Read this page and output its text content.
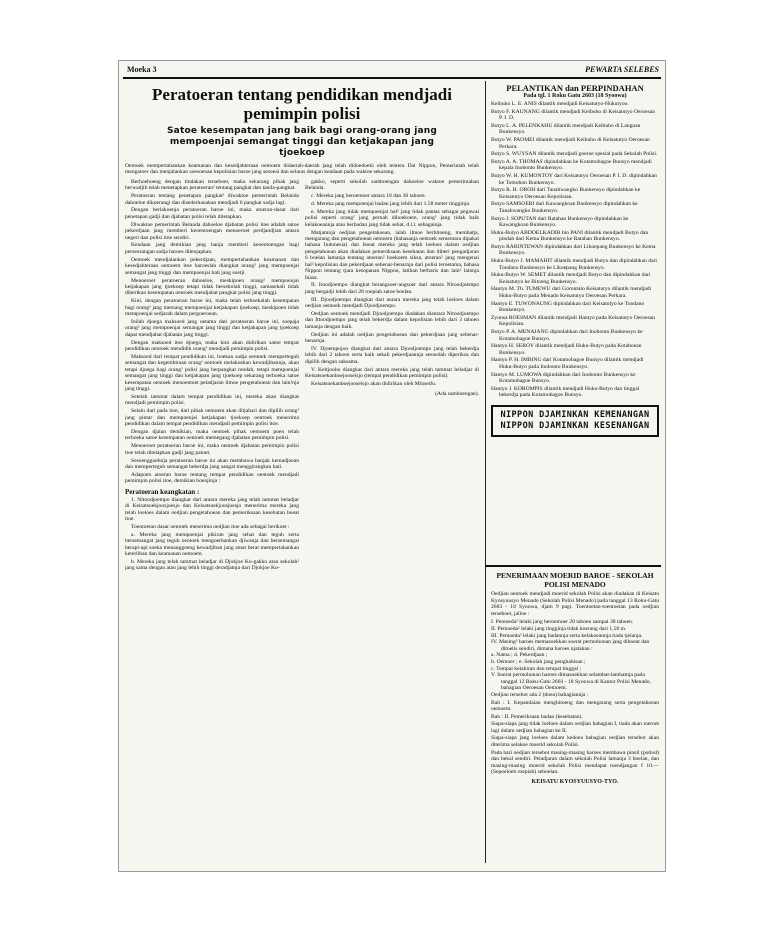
Moeka 3	PEWARTA SELEBES
Peratoeran tentang pendidikan mendjadi pemimpin polisi
Satoe kesempatan jang baik bagi orang-orang jang mempoenjai semangat tinggi dan ketjakapan jang tjoekoep

Oentoek mempertahankan keamanan dan kesedjahteraan oemoem didaerah-daerah jang telah didoedoeki oleh tentera Dai Nippon, Pemerintah telah mengatoer dan menjalankan soesoenan kepolisian baroe jang sesoeai dan selaras dengan keadaan pada waktoe sekarang.

Berhoeboeng dengan tindakan terseboet, maka sekarang pihak jang berwadjib telah menetapkan peratoeran² tentang pangkat dan tanda-pangkat.

Peratoeran tentang penetapan pangkat² diwaktoe pemerintah Belanda dahoeloe dikoerangi dan disederhanakan mendjadi 6 pangkat sadja lagi.

Dengan berlakoenja peratoeran baroe ini, maka atoeran-dasar dari penetapan gadji dan djabatan polisi telah ditetapkan.

Diwaktoe pemerintah Belanda dahoeloe djabatan polisi itoe adalah satoe pekerdjaan jang memberi keoentoengan menoeroet perdjandjian antara negeri dan polisi itoe sendiri.

Keadaan jang demikian jang hanja memberi keoentoengan bagi perseorangan sadja haroes dilenjapkan.

Oentoek mendjalankan pekerdjaan, mempertahankan keamanan dan kesedjahteraan oemoem itoe haroeslah diangkat orang² jang mempoenjai semangat jang tinggi dan mempoenjai hati jang soetji.

Menoeroet peratoeran dahoeloe, meskipoen orang² mempoenjai ketjakapan jang tjoekoep tetapi tidak bersekolah tinggi, samasekali tidak diberikan kesempatan oentoek mendjabat pangkat polisi jang tinggi.

Kini, dengan peratoeran baroe ini, maka telah terboekalah kesempatan bagi orang² jang memang mempoenjai ketjakapan tjoekoep, meskipoen tidak mempoenjai sedjarah dalam pergoeroean.

Inilah djoega maksoed jang oetama dari peratoeran baroe ini, soepaja orang² jang mempoenjai semangat jang tinggi dan ketjakapan jang tjoekoep dapat mendjabat djabatan jang tinggi.

Dengan maksoed itoe djoega, maka kini akan didirikan satoe tempat pendidikan oentoek mendidik orang² mendjadi pemimpin polisi.

Maksoed dari tempat pendidikan ini, boekan sadja oentoek memperteguh semangat dan kegembiraan orang² oentoek melakoekan kewadjibannja, akan tetapi djoega bagi orang² polisi jang berpangkat rendah, tetapi mempoenjai semangat jang tinggi dan ketjakapan jang tjoekoep sekarang terboeka satoe kesempatan oentoek menoentoet peladjaran ilmoe pengetahoean dan lain²nja jang tinggi.

Setelah tammat dalam tempat pendidikan ini, mereka akan diangkat mendjadi pemimpin polisi.

Selain dari pada itoe, dari pihak oemoem akan ditjahari dan dipilih orang² jang pintar dan mempoenjai ketjakapan tjoekoep oentoek menerima pendidikan dalam tempat pendidikan mendjadi pemimpin polisi itoe.

Dengan djalan demikian, maka oentoek pihak oemoem poen telah terboeka satoe kesempatan oentoek memegang djabatan pemimpin polisi.

Menoeroet peratoeran baroe ini, maka oentoek djabatan pemimpin polisi itoe telah ditetapkan gadji jang patoet.

Sesoenggoehnja peratoeran baroe ini akan membawa banjak kemadjoean dan memperteguh semangat bekerdja jang sangat menggirangkan hati.

Adapoen atoeran baroe tentang tempat pendidikan oentoek mendjadi pemimpin polisi itoe, demikian boenjinja :

Peratoeran keangkatan :

1. Nitoodjoempo diangkat dari antara mereka jang telah tammat beladjar di Keisatsoekjoosjoesjo dan Keisatsoekjoosjoesjo menerima mereka jang telah loeloes dalam oedjian pengetahoean dan pemeriksaan kesehatan boeat itoe.

Toentoetan dasar oentoek menerima oedjian itoe ada sebagai berikoet :

a. Mereka jang mempoenjai pikiran jang sehat dan teguh serta bersemangat jang teguh oentoek mengoerbankan djiwanja dan bersemangat berapi-api soeka menanggoeng kewadjiban jang amat berat mempertahankan keterliban dan keamanan oemoem.

b. Mereka jang telah tammat beladjar di Djokjoe Ko-gakko atau sekolah² jang sama dengan atau jang lebih tinggi deradjatnja dari Djokjoe Ko-

gakko, seperti sekolah samboengan dahoeloe waktoe pemerintahan Belanda.

c. Mereka jang beroemoer antara 18 dan 30 tahoen.

d. Mereka jang mempoenjai badan jang lebih dari 1.58 meter tingginja.

e. Mereka jang tidak mempoenjai hal² jang tidak pantas sebagai pegawai polisi seperti orang² jang pernah dihoekoem, orang² jang tidak baik kelakoeannja atau berbadan jang tidak sehat, d.l.l. sebagainja.

Matjamnja oedjian pengetahoean, ialah ilmoe berhitoeng, membatja, mengarang dan pengetahoean oemoem (bahasanja oentoek sementara dipakai bahasa Indonesia) dan boeat mereka jang telah loeloes dalam oedjian pengetahoean akan diadakan pemeriksaan kesehatan dan diberi pengadjaran 6 boelan lamanja tentang atoeran² hoekoem siksa, atoeran² jang mengenai hal² kepolisian dan pekerdjaan sebenar-benarnja dari polisi teroetama, bahasa Nippon tentang tjara kesopanan Nippon, latihan berbaris dan lain² lainnja biasa.

II. Itoodjoempo diangkat berangsoer-angsoer dari antara Nitoodjoempo jang bergadji lebih dari 28 roepiah satoe boelan.

III. Djoodjoempo diangkat dari antara mereka jang telah loeloes dalam oedjian oentoek mendjadi Djoodjoempo.

Oedjian oentoek mendjadi Djoodjoempo diadakan diantara Nitoodjoempo dan Ittoodjoempo jang telah bekerdja dalam kepolisian lebih dari 3 tahoen lamanja dengan baik.

Oedjian ini adalah oedjian pengetahoean dan pekerdjaan jang sebenar-benarnja.

IV. Djoempojoo diangkat dari antara Djoodjoempo jang telah bekerdja lebih dari 2 tahoen serta baik sekali pekerdjaannja sesoedah diperiksa dan dipilih dengan saksama.

V. Keitjooho diangkat dari antara mereka jang telah tammat beladjar di Keisatsoekanboejooseisjo (tempat pendidikan pemimpin polisi).

Keisatsoekanboejooseisjo akan didirikan oleh Minseifu.

(Ada samboengan).

PELANTIKAN dan PERPINDAHAN
Pada tgl. 1 Roku Gatu 2603 (18 Syoowa)

Keibuho L. E. ANIS dilantik mendjadi Keisatutyo-Hukutyoo.

Butyo F. KAUNANG dilantik mendjadi Keibuho di Keisatutyo Oeroesan P. I. D.

Butyo L. A. PELENKAHU dilantik mendjadi Keibuho di Langoan Bunkensyo.

Butyo W. PAOMEI dilantik mendjadi Keibuho di Keisatutyo Oeroesan Perkara.

Butyo S. WUYSAN dilantik mendjadi goeroe spesial pada Sekolah Polisi.

Butyo A. A. THOMAS dipindahkan ke Kotamobagoe Bunsyo mendjadi kepala Inobonto Bunkensyo.

Butyo W. H. KUMONTOY dari Keisatutyo Oeroesan P. I. D. dipindahkan ke Tomohon Bunkensyo.

Butyo R. H. OROH dari Tanahwangko Bunkensyo dipindahkan ke Keisatutyo Oeroesan Kepolisian.

Butyo SAMSOERI dari Kawangkoan Bunkensyo dipindahkan ke Tanahwangko Bunkensyo.

Butyo J. SOPUTAN dari Ratahan Bunkensyo dipindahkan ke Kawangkoan Bunkensyo.

Huku-Butyo ABDOELKADIR bin PANI dilantik mendjadi Butyo dan pindah dari Kema Bunkensyo ke Ratahan Bunkensyo.

Butyo RARINTEWAN dipindahkan dari Likoepang Bunkensyo ke Kema Bunkensyo.

Huku-Butyo J. MAMAHIT dilantik mendjadi Butyo dan dipindahkan dari Tondano Bunkensyo ke Likoepang Bunkensyo.

Huku-Butyo W. SEMET dilantik mendjadi Butyo dan dipindahkan dari Keisatutyo ke Bitoeng Bunkensyo.

Hantyo M. Th. TUMEWU dari Gorontalo Keisatutyo dilantik mendjadi Huku-Butyo pada Menado Keisatutyo Oeroesan Perkara.

Hantyo E. TUWONAUNG dipindahkan dari Keisatutyo ke Tondano Bunkensyo.

Zyunsa ROESMAN dilantik mendjadi Hantyo pada Keisatutyo Oeroesan Kepolisian.

Butyo P. A. MENAJANG dipindahkan dari Inobonto Bunkensyo ke Kotamobagoe Bunsyo.

Hantyo H. SEROY dilantik mendjadi Huku-Butyo pada Kotaboean Bunkensyo.

Hantyo P. H. IMBING dari Kotamobagoe Bunsyo dilantik mendjadi Huku-Butyo pada Inobonto Bunkensyo.

Hantyo M. LUMOWA dipindahkan dari Inobonto Bunkensyo ke Kotamobagoe Bunsyo.

Hantyo J. KOROMPIS dilantik mendjadi Huku-Butyo dan tinggal bekerdja pada Kotamobagoe Bunsyo.

NIPPON DJAMINKAN KEMENANGAN
NIPPON DJAMINKAN KESENANGAN
PENERIMAAN MOERID BAROE - SEKOLAH POLISI MENADO

Oedjian oentoek mendjadi moerid sekolah Polisi akan diadakan di Keisatu Kyosyuusyo Menado (Sekolah Polisi Menado) pada tanggal 13 Roku-Gatu 2603 - 18 Syoowa, djam 9 pagi. Toentoetan-toentoetan pada oedjian terseboet, jalloe :

I. Pemoeda² lelaki jang beroemoer 20 tahoen sampai 30 tahoen.

II. Pemoeda² lelaki jang tingginja tidak koerang dari 1,58 m.

III. Pemoeda² lelaki jang badannja serta kelakoeannja tiada tjelanja.

IV. Masing² haroes memasoekkan soerat permohonan jang diboeat dan ditoelis sendiri, dimana haroes njatakan :

a. Nama ; d. Pekerdjaan ;

b. Oemoer ; e. Sekolah jang penghabisan ;

c. Tempat kelahiran dan tempat tinggal ;

V. Soerat permohonan haroes dimasoekkan selambat-lambatnja pada tanggal 12 Roku-Gatu 2603 - 18 Syoowa di Kantor Polisi Menado, bahagian Oeroesan Oemoem.

Oedjian tersebot ada 2 (doea) bahagiannja :

Bah : I. Kepandaian menghitoeng dan mengarang serta pengetahoean oemoem.

Bah : II. Pemeriksaan badan (kesehatan).

Siapa-siapa jang tidak loeloes dalam oedjian bahagian I, tiada akan toeroet lagi dalam oedjian bahagian ke II.

Siapa-siapa jang loeloes dalam kedoea bahagian oedjian tersebot akan diterima selakoe moerid sekolah Polisi.

Pada hari oedjian tersebot masing-masing haroes membawa pinsil (potlod) dan bekal sendiri. Peladjaran dalam sekolah Polisi lamanja 3 boelan, dan masing-masing moerid sekolah Polisi mendapat toendjangan f 10.— (Sepoeloeh roepiah) seboelan.

KEISATU KYOSYUUSYO-TYO.
